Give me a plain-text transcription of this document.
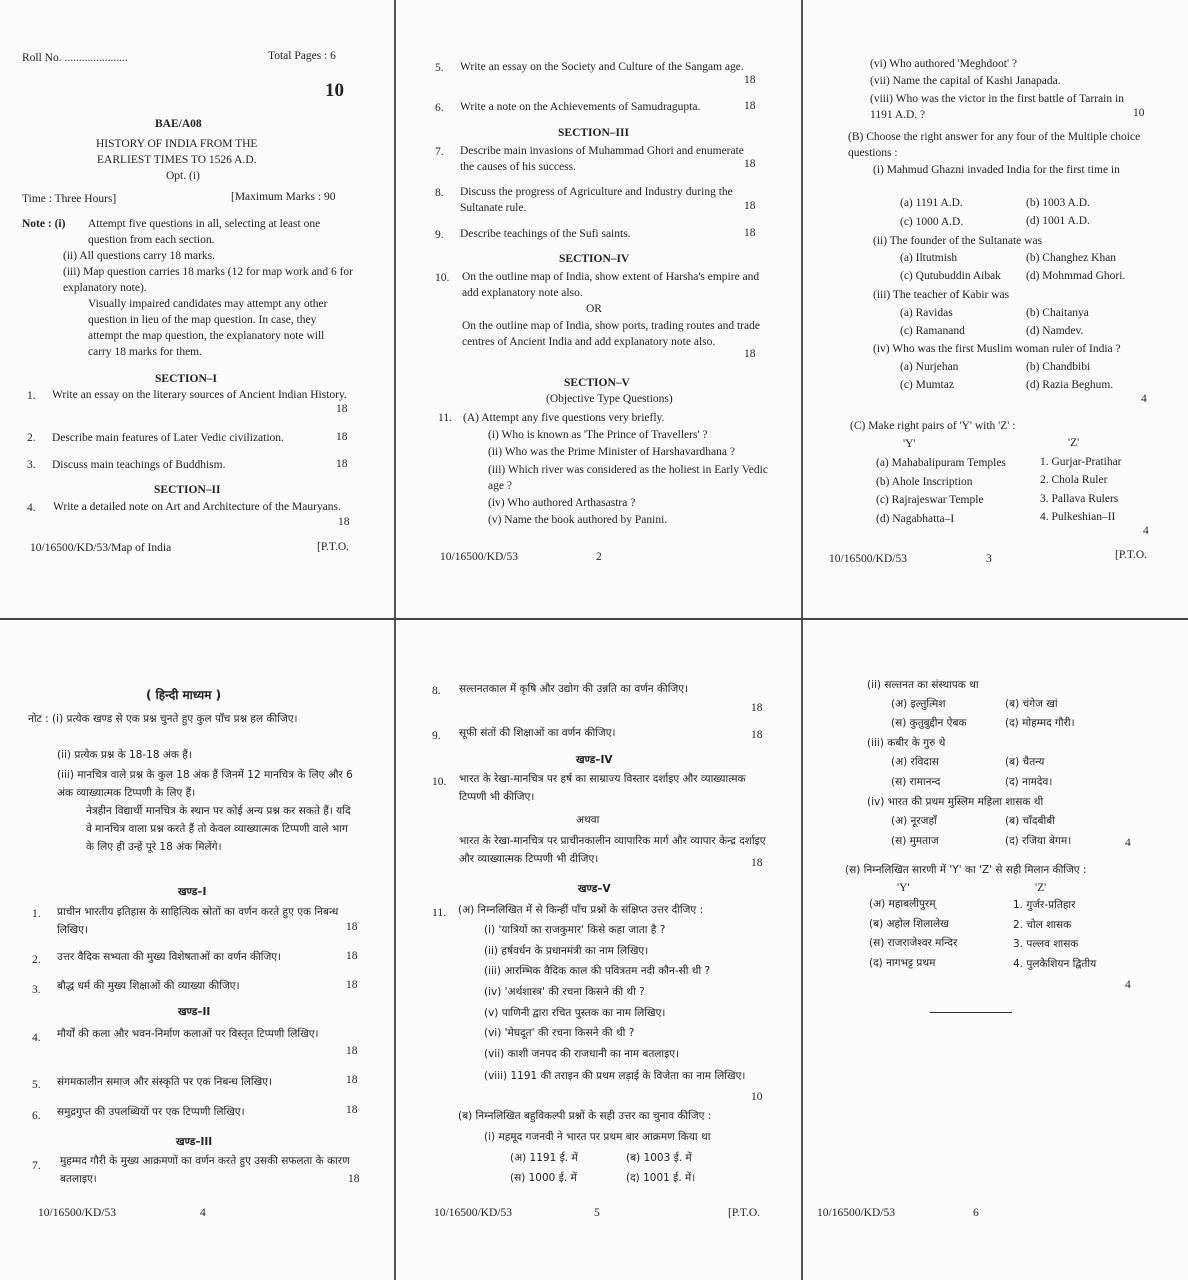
Roll No. ......................	Total Pages : 6
10
BAE/A08
HISTORY OF INDIA FROM THE
EARLIEST TIMES TO 1526 A.D.
Opt. (i)
Time : Three Hours]	[Maximum Marks : 90
Note : (i) Attempt five questions in all, selecting at least one question from each section.
(ii) All questions carry 18 marks.
(iii) Map question carries 18 marks (12 for map work and 6 for explanatory note).
Visually impaired candidates may attempt any other question in lieu of the map question. In case, they attempt the map question, the explanatory note will carry 18 marks for them.
SECTION–I
1. Write an essay on the literary sources of Ancient Indian History.
18
2. Describe main features of Later Vedic civilization.	18
3. Discuss main teachings of Buddhism.	18
SECTION–II
4. Write a detailed note on Art and Architecture of the Mauryans.
18
10/16500/KD/53/Map of India	[P.T.O.
5. Write an essay on the Society and Culture of the Sangam age.
18
6. Write a note on the Achievements of Samudragupta.	18
SECTION–III
7. Describe main invasions of Muhammad Ghori and enumerate the causes of his success.	18
8. Discuss the progress of Agriculture and Industry during the Sultanate rule.	18
9. Describe teachings of the Sufi saints.	18
SECTION–IV
10. On the outline map of India, show extent of Harsha's empire and add explanatory note also.
OR
On the outline map of India, show ports, trading routes and trade centres of Ancient India and add explanatory note also.
18
SECTION–V
(Objective Type Questions)
11. (A) Attempt any five questions very briefly.
(i) Who is known as 'The Prince of Travellers' ?
(ii) Who was the Prime Minister of Harshavardhana ?
(iii) Which river was considered as the holiest in Early Vedic age ?
(iv) Who authored Arthasastra ?
(v) Name the book authored by Panini.
10/16500/KD/53	2
(vi) Who authored 'Meghdoot' ?
(vii) Name the capital of Kashi Janapada.
(viii) Who was the victor in the first battle of Tarrain in 1191 A.D. ?	10
(B) Choose the right answer for any four of the Multiple choice questions :
(i) Mahmud Ghazni invaded India for the first time in
(a) 1191 A.D.	(b) 1003 A.D.
(c) 1000 A.D.	(d) 1001 A.D.
(ii) The founder of the Sultanate was
(a) Iltutmish	(b) Changhez Khan
(c) Qutubuddin Aibak (d) Mohmmad Ghori.
(iii) The teacher of Kabir was
(a) Ravidas	(b) Chaitanya
(c) Ramanand	(d) Namdev.
(iv) Who was the first Muslim woman ruler of India ?
(a) Nurjehan	(b) Chandbibi
(c) Mumtaz	(d) Razia Beghum.
4
(C) Make right pairs of 'Y' with 'Z' :
'Y'	'Z'
(a) Mahabalipuram Temples	1. Gurjar-Pratihar
(b) Ahole Inscription	2. Chola Ruler
(c) Rajrajeswar Temple	3. Pallava Rulers
(d) Nagabhatta–I	4. Pulkeshian–II
4
10/16500/KD/53	3	[P.T.O.
( हिन्दी माध्यम )
नोट : (i) प्रत्येक खण्ड से एक प्रश्न चुनते हुए कुल पाँच प्रश्न हल कीजिए।
(ii) प्रत्येक प्रश्न के 18-18 अंक हैं।
(iii) मानचित्र वाले प्रश्न के कुल 18 अंक हैं जिनमें 12 मानचित्र के लिए और 6 अंक व्याख्यात्मक टिप्पणी के लिए हैं।
नेत्रहीन विद्यार्थी मानचित्र के स्थान पर कोई अन्य प्रश्न कर सकते हैं। यदि वे मानचित्र वाला प्रश्न करते हैं तो केवल व्याख्यात्मक टिप्पणी वाले भाग के लिए ही उन्हें पूरे 18 अंक मिलेंगे।
खण्ड–I
1. प्राचीन भारतीय इतिहास के साहित्यिक स्रोतों का वर्णन करते हुए एक निबन्ध लिखिए।	18
2. उत्तर वैदिक सभ्यता की मुख्य विशेषताओं का वर्णन कीजिए।	18
3. बौद्ध धर्म की मुख्य शिक्षाओं की व्याख्या कीजिए।	18
खण्ड–II
4. मौर्यों की कला और भवन-निर्माण कलाओं पर विस्तृत टिप्पणी लिखिए।
18
5. संगमकालीन समाज और संस्कृति पर एक निबन्ध लिखिए।	18
6. समुद्रगुप्त की उपलब्धियों पर एक टिप्पणी लिखिए।	18
खण्ड–III
7. मुहम्मद गौरी के मुख्य आक्रमणों का वर्णन करते हुए उसकी सफलता के कारण बतलाइए।	18
10/16500/KD/53	4
8. सल्तनतकाल में कृषि और उद्योग की उन्नति का वर्णन कीजिए।
18
9. सूफी संतों की शिक्षाओं का वर्णन कीजिए।	18
खण्ड–IV
10. भारत के रेखा-मानचित्र पर हर्ष का साम्राज्य विस्तार दर्शाइए और व्याख्यात्मक टिप्पणी भी कीजिए।
अथवा
भारत के रेखा-मानचित्र पर प्राचीनकालीन व्यापारिक मार्ग और व्यापार केन्द्र दर्शाइए और व्याख्यात्मक टिप्पणी भी दीजिए।	18
खण्ड–V
11. (अ) निम्नलिखित में से किन्हीं पाँच प्रश्नों के संक्षिप्त उत्तर दीजिए :
(i) 'यात्रियों का राजकुमार' किसे कहा जाता है ?
(ii) हर्षवर्धन के प्रधानमंत्री का नाम लिखिए।
(iii) आरम्भिक वैदिक काल की पवित्रतम नदी कौन-सी थी ?
(iv) 'अर्थशास्त्र' की रचना किसने की थी ?
(v) पाणिनी द्वारा रचित पुस्तक का नाम लिखिए।
(vi) 'मेघदूत' की रचना किसने की थी ?
(vii) काशी जनपद की राजधानी का नाम बतलाइए।
(viii) 1191 की तराइन की प्रथम लड़ाई के विजेता का नाम लिखिए।
10
(ब) निम्नलिखित बहुविकल्पी प्रश्नों के सही उत्तर का चुनाव कीजिए :
(i) महमूद गजनवी ने भारत पर प्रथम बार आक्रमण किया था
(अ) 1191 ई. में	(ब) 1003 ई. में
(स) 1000 ई. में	(द) 1001 ई. में।
10/16500/KD/53	5	[P.T.O.
(ii) सल्तनत का संस्थापक था
(अ) इल्तुत्मिश	(ब) चंगेज खां
(स) कुतुबुद्दीन ऐबक	(द) मोहम्मद गौरी।
(iii) कबीर के गुरु थे
(अ) रविदास	(ब) चैतन्य
(स) रामानन्द	(द) नामदेव।
(iv) भारत की प्रथम मुस्लिम महिला शासक थी
(अ) नूरजहाँ	(ब) चाँदबीबी
(स) मुमताज	(द) रजिया बेगम।	4
(स) निम्नलिखित सारणी में 'Y' का 'Z' से सही मिलान कीजिए :
'Y'	'Z'
(अ) महाबलीपुरम्	1. गुर्जर-प्रतिहार
(ब) अहोल शिलालेख	2. चोल शासक
(स) राजराजेश्वर मन्दिर	3. पल्लव शासक
(द) नागभट्ट प्रथम	4. पुलकेशियन द्वितीय
4
10/16500/KD/53	6
